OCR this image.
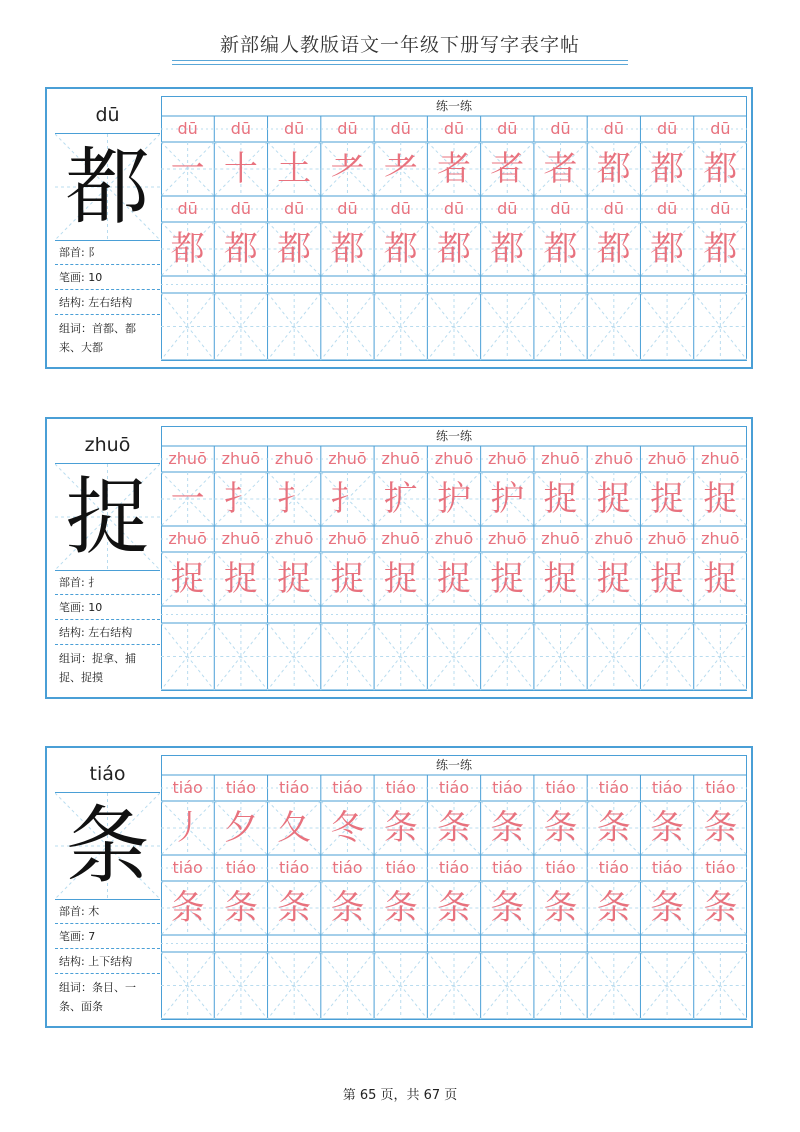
新部编人教版语文一年级下册写字表字帖
dū
都
部首: 阝
笔画: 10
结构: 左右结构
组词：首都、都
来、大都
练一练
dū
一
dū
都
dū
十
dū
都
dū
土
dū
都
dū
耂
dū
都
dū
耂
dū
都
dū
者
dū
都
dū
者
dū
都
dū
者
dū
都
dū
都
dū
都
dū
都
dū
都
dū
都
dū
都
zhuō
捉
部首: 扌
笔画: 10
结构: 左右结构
组词：捉拿、捕
捉、捉摸
练一练
zhuō
一
zhuō
捉
zhuō
扌
zhuō
捉
zhuō
扌
zhuō
捉
zhuō
扌
zhuō
捉
zhuō
扩
zhuō
捉
zhuō
护
zhuō
捉
zhuō
护
zhuō
捉
zhuō
捉
zhuō
捉
zhuō
捉
zhuō
捉
zhuō
捉
zhuō
捉
zhuō
捉
zhuō
捉
tiáo
条
部首: 木
笔画: 7
结构: 上下结构
组词：条目、一
条、面条
练一练
tiáo
丿
tiáo
条
tiáo
夕
tiáo
条
tiáo
夂
tiáo
条
tiáo
冬
tiáo
条
tiáo
条
tiáo
条
tiáo
条
tiáo
条
tiáo
条
tiáo
条
tiáo
条
tiáo
条
tiáo
条
tiáo
条
tiáo
条
tiáo
条
tiáo
条
tiáo
条
第 65 页，共 67 页
